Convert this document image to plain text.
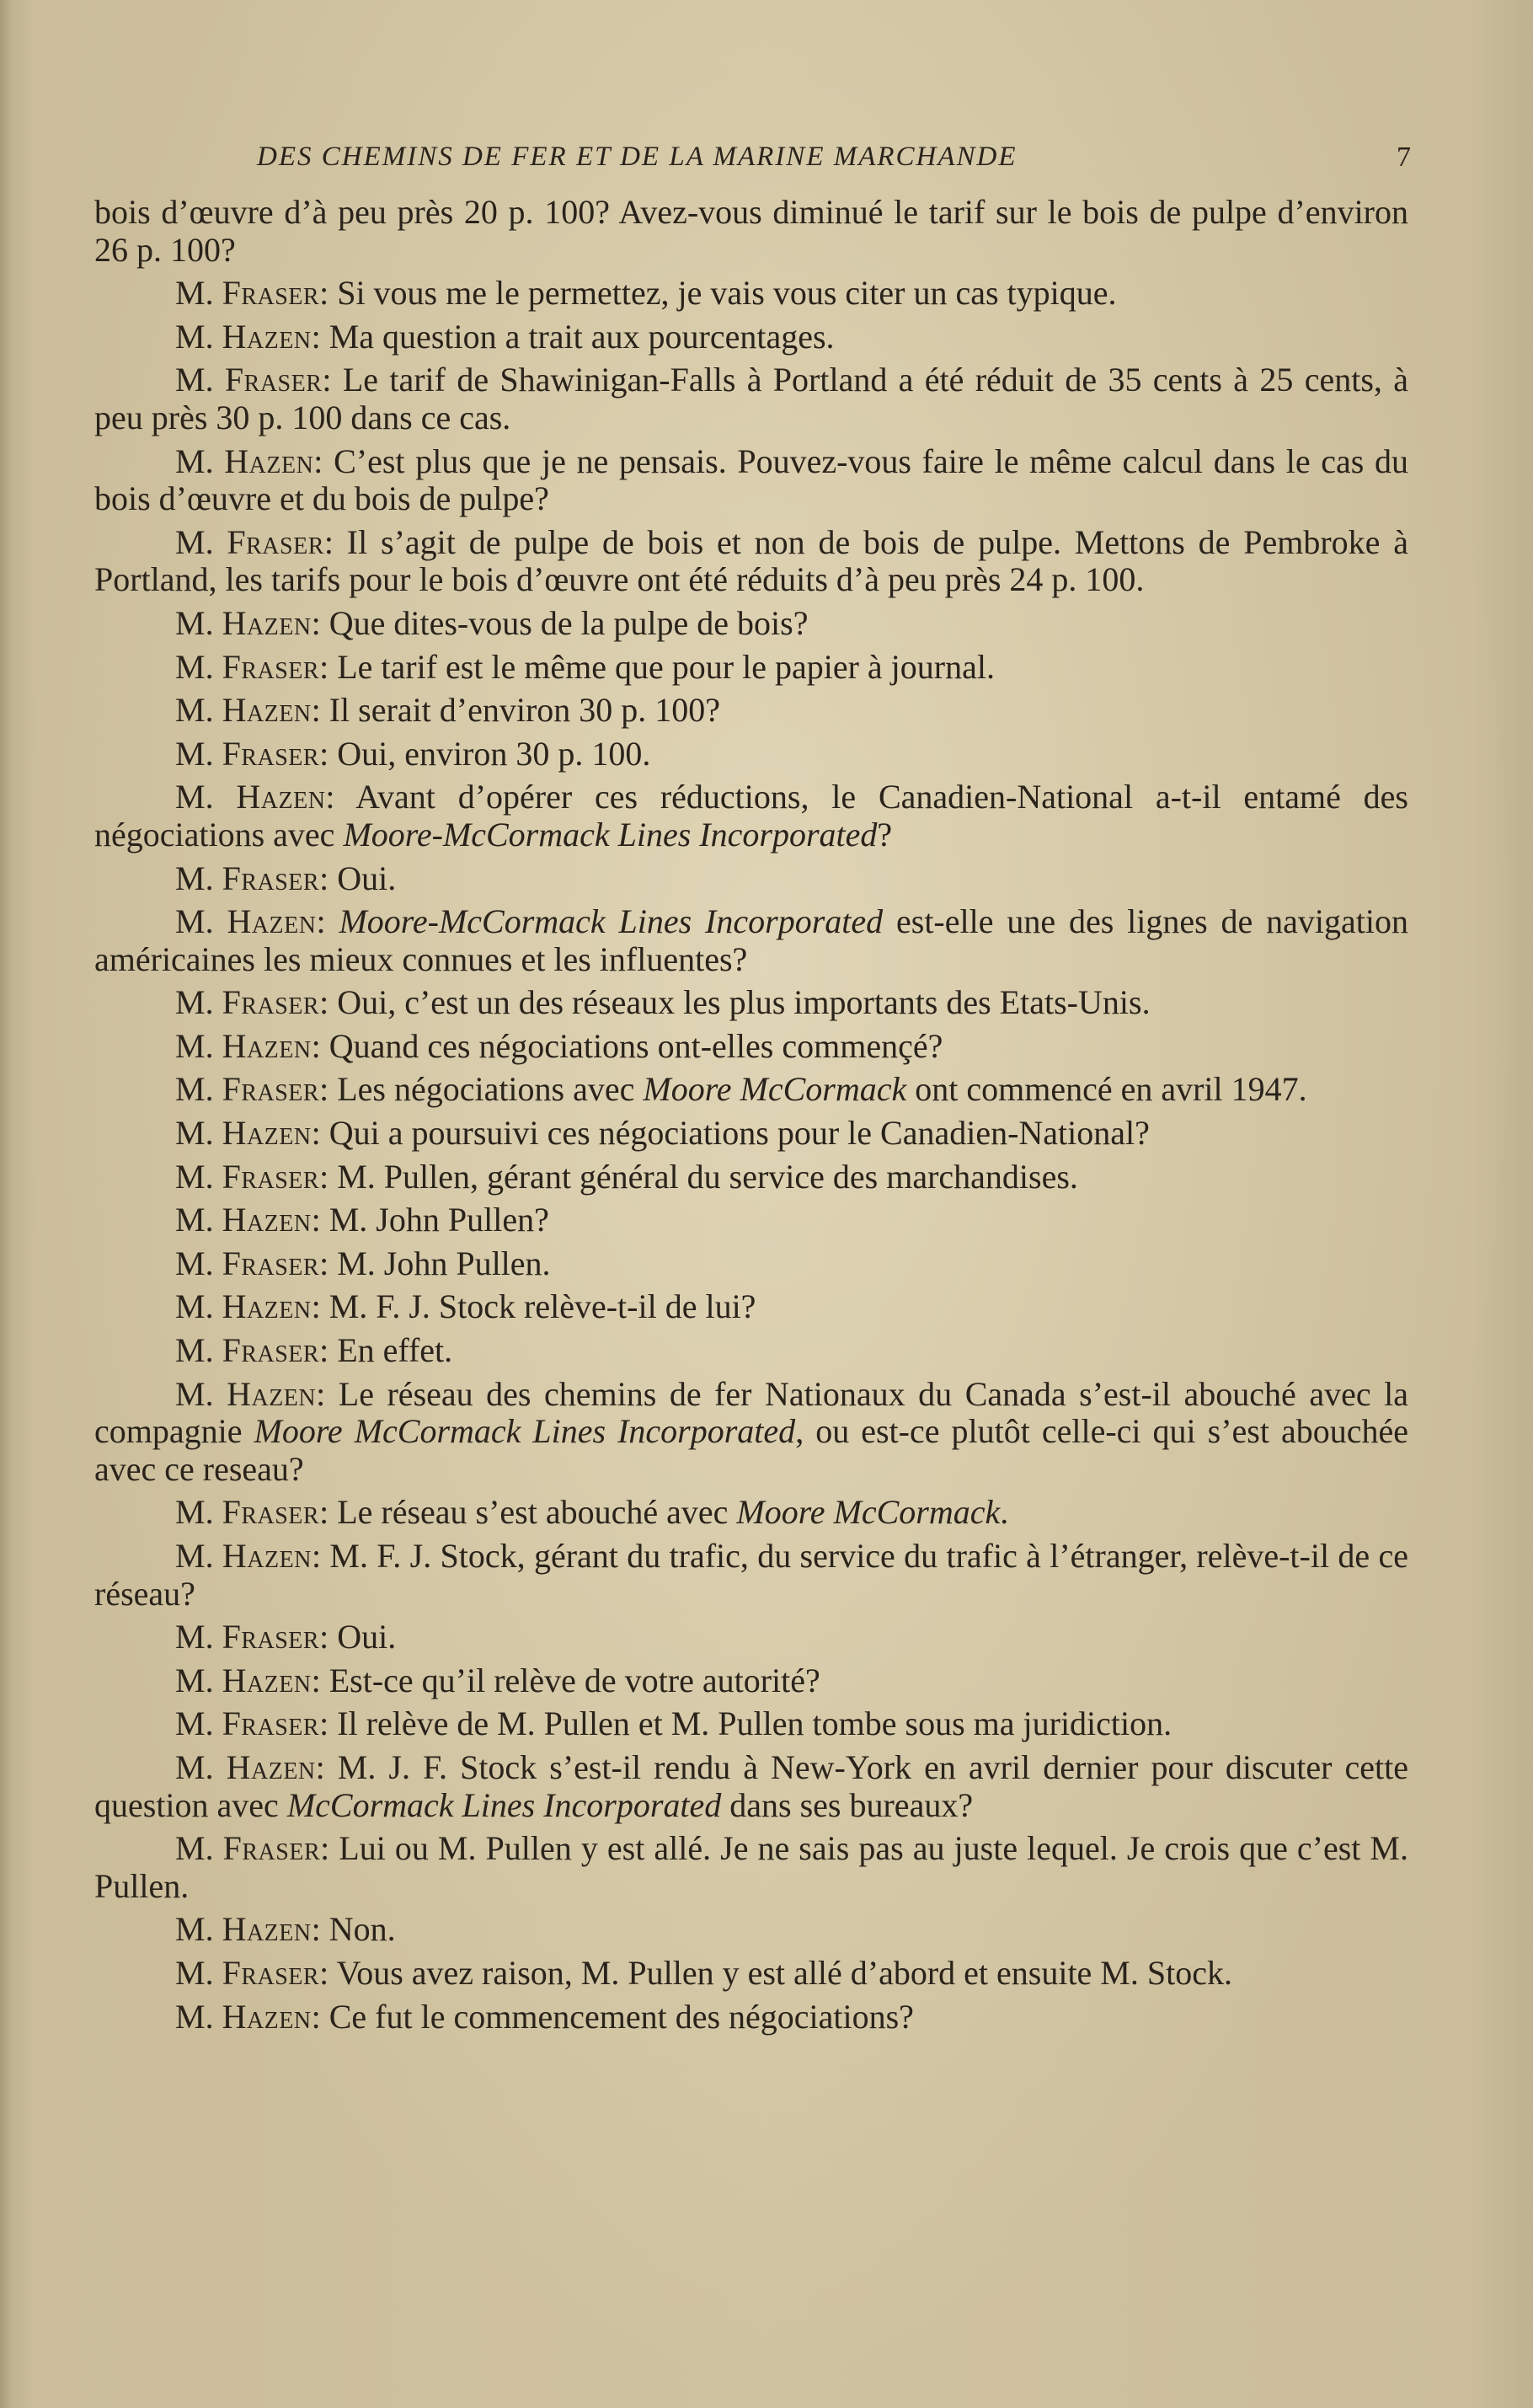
DES CHEMINS DE FER ET DE LA MARINE MARCHANDE	7

bois d’œuvre d’à peu près 20 p. 100? Avez-vous diminué le tarif sur le bois de pulpe d’environ 26 p. 100?

M. Fraser: Si vous me le permettez, je vais vous citer un cas typique.

M. Hazen: Ma question a trait aux pourcentages.

M. Fraser: Le tarif de Shawinigan-Falls à Portland a été réduit de 35 cents à 25 cents, à peu près 30 p. 100 dans ce cas.

M. Hazen: C’est plus que je ne pensais. Pouvez-vous faire le même calcul dans le cas du bois d’œuvre et du bois de pulpe?

M. Fraser: Il s’agit de pulpe de bois et non de bois de pulpe. Mettons de Pembroke à Portland, les tarifs pour le bois d’œuvre ont été réduits d’à peu près 24 p. 100.

M. Hazen: Que dites-vous de la pulpe de bois?

M. Fraser: Le tarif est le même que pour le papier à journal.

M. Hazen: Il serait d’environ 30 p. 100?

M. Fraser: Oui, environ 30 p. 100.

M. Hazen: Avant d’opérer ces réductions, le Canadien-National a-t-il entamé des négociations avec Moore-McCormack Lines Incorporated?

M. Fraser: Oui.

M. Hazen: Moore-McCormack Lines Incorporated est-elle une des lignes de navigation américaines les mieux connues et les influentes?

M. Fraser: Oui, c’est un des réseaux les plus importants des Etats-Unis.

M. Hazen: Quand ces négociations ont-elles commençé?

M. Fraser: Les négociations avec Moore McCormack ont commencé en avril 1947.

M. Hazen: Qui a poursuivi ces négociations pour le Canadien-National?

M. Fraser: M. Pullen, gérant général du service des marchandises.

M. Hazen: M. John Pullen?

M. Fraser: M. John Pullen.

M. Hazen: M. F. J. Stock relève-t-il de lui?

M. Fraser: En effet.

M. Hazen: Le réseau des chemins de fer Nationaux du Canada s’est-il abouché avec la compagnie Moore McCormack Lines Incorporated, ou est-ce plutôt celle-ci qui s’est abouchée avec ce reseau?

M. Fraser: Le réseau s’est abouché avec Moore McCormack.

M. Hazen: M. F. J. Stock, gérant du trafic, du service du trafic à l’étranger, relève-t-il de ce réseau?

M. Fraser: Oui.

M. Hazen: Est-ce qu’il relève de votre autorité?

M. Fraser: Il relève de M. Pullen et M. Pullen tombe sous ma juridiction.

M. Hazen: M. J. F. Stock s’est-il rendu à New-York en avril dernier pour discuter cette question avec McCormack Lines Incorporated dans ses bureaux?

M. Fraser: Lui ou M. Pullen y est allé. Je ne sais pas au juste lequel. Je crois que c’est M. Pullen.

M. Hazen: Non.

M. Fraser: Vous avez raison, M. Pullen y est allé d’abord et ensuite M. Stock.

M. Hazen: Ce fut le commencement des négociations?
